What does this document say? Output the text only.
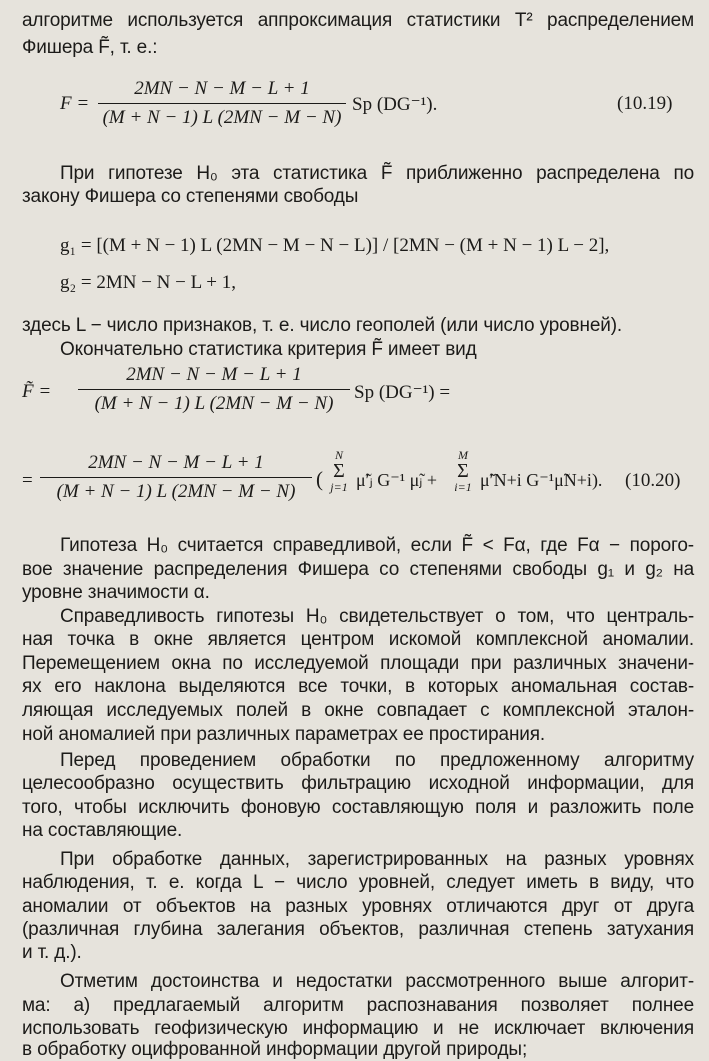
алгоритме используется аппроксимация статистики T² распределением
Фишера F̃, т. е.:
F =
2MN − N − M − L + 1
(M + N − 1) L (2MN − M − N)
Sp (DG⁻¹).	(10.19)
При гипотезе H₀ эта статистика F̃ приближенно распределена по
закону Фишера со степенями свободы
g₁ = [(M + N − 1) L (2MN − M − N − L)] / [2MN − (M + N − 1) L − 2],
g₂ = 2MN − N − L + 1,
здесь L − число признаков, т. е. число геополей (или число уровней).
Окончательно статистика критерия F̃ имеет вид
F̃ =
2MN − N − M − L + 1
(M + N − 1) L (2MN − M − N)
Sp (DG⁻¹) =
=
2MN − N − M − L + 1
(M + N − 1) L (2MN − M − N)
(
N
Σ
j=1 μ̃′ⱼ G⁻¹ μ̃ⱼ +
M
Σ
i=1 μ̃′N+i G⁻¹μ̃N+i). (10.20)
Гипотеза H₀ считается справедливой, если F̃ < Fα, где Fα − порого-
вое значение распределения Фишера со степенями свободы g₁ и g₂ на
уровне значимости α.
Справедливость гипотезы H₀ свидетельствует о том, что централь-
ная точка в окне является центром искомой комплексной аномалии.
Перемещением окна по исследуемой площади при различных значени-
ях его наклона выделяются все точки, в которых аномальная состав-
ляющая исследуемых полей в окне совпадает с комплексной эталон-
ной аномалией при различных параметрах ее простирания.
Перед проведением обработки по предложенному алгоритму
целесообразно осуществить фильтрацию исходной информации, для
того, чтобы исключить фоновую составляющую поля и разложить поле
на составляющие.
При обработке данных, зарегистрированных на разных уровнях
наблюдения, т. е. когда L − число уровней, следует иметь в виду, что
аномалии от объектов на разных уровнях отличаются друг от друга
(различная глубина залегания объектов, различная степень затухания
и т. д.).
Отметим достоинства и недостатки рассмотренного выше алгорит-
ма: а) предлагаемый алгоритм распознавания позволяет полнее
использовать геофизическую информацию и не исключает включения
в обработку оцифрованной информации другой природы;
